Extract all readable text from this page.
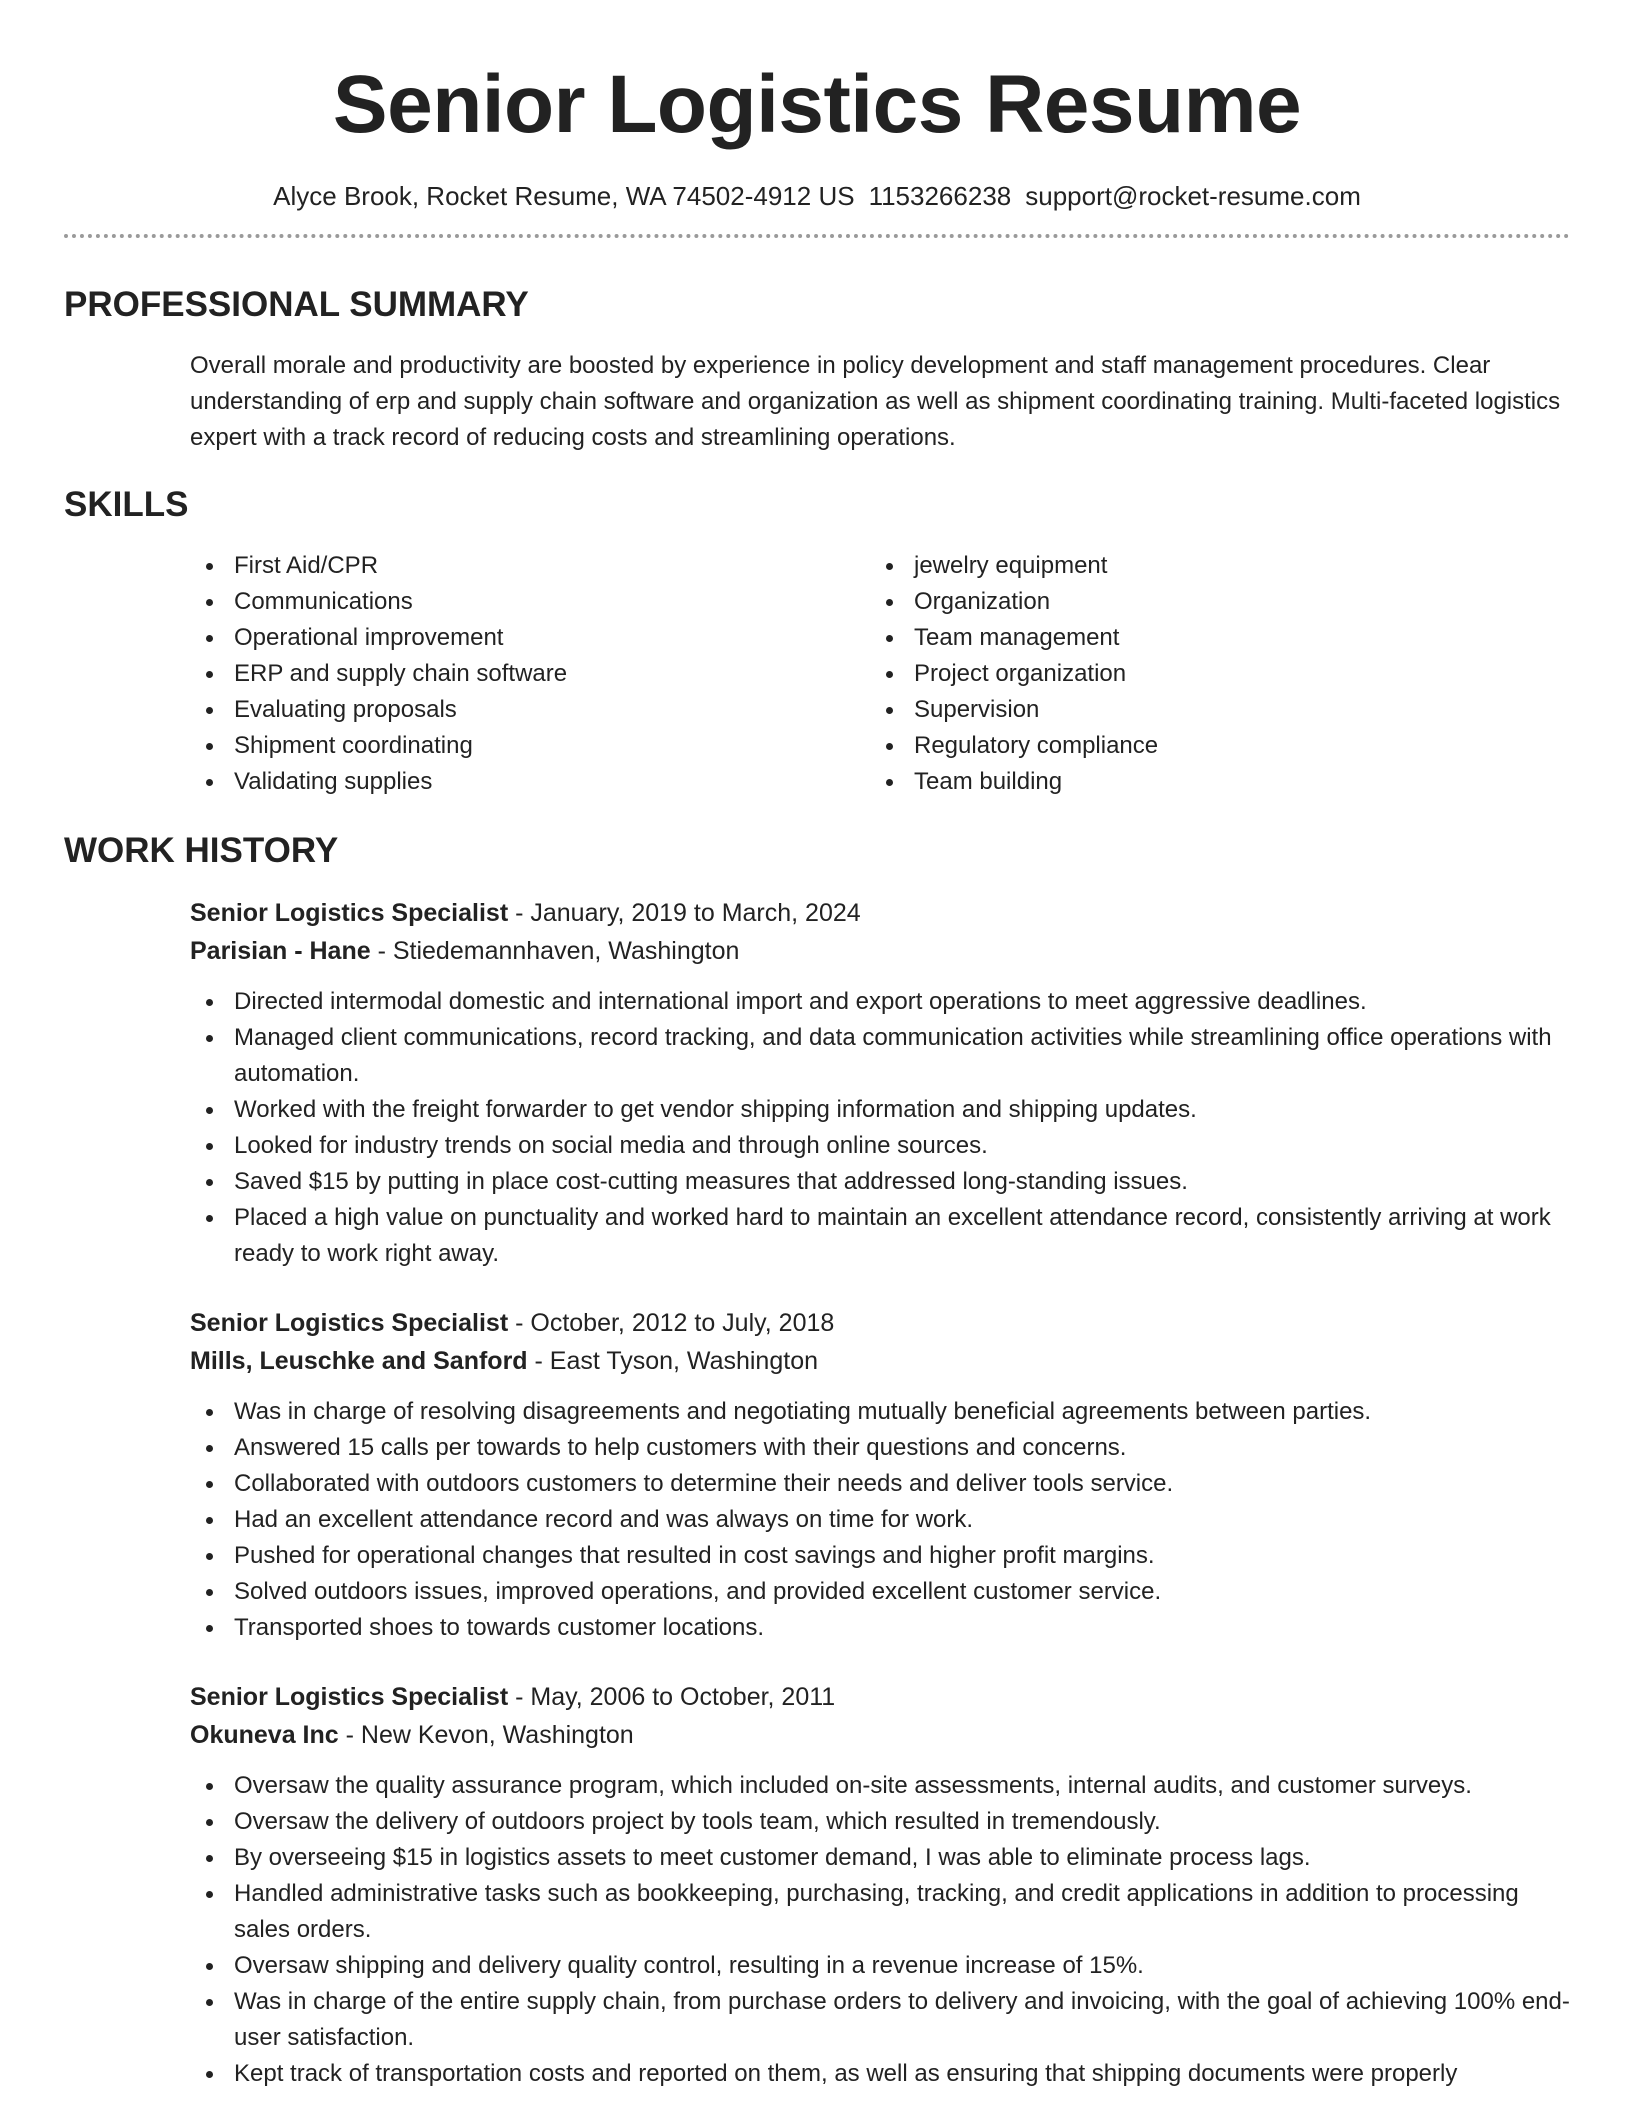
Senior Logistics Resume
Alyce Brook, Rocket Resume, WA 74502-4912 US 1153266238 support@rocket-resume.com
PROFESSIONAL SUMMARY

Overall morale and productivity are boosted by experience in policy development and staff management procedures. Clear understanding of erp and supply chain software and organization as well as shipment coordinating training. Multi-faceted logistics expert with a track record of reducing costs and streamlining operations.

SKILLS
First Aid/CPR
Communications
Operational improvement
ERP and supply chain software
Evaluating proposals
Shipment coordinating
Validating supplies
jewelry equipment
Organization
Team management
Project organization
Supervision
Regulatory compliance
Team building
WORK HISTORY
Senior Logistics Specialist - January, 2019 to March, 2024
Parisian - Hane - Stiedemannhaven, Washington
Directed intermodal domestic and international import and export operations to meet aggressive deadlines.
Managed client communications, record tracking, and data communication activities while streamlining office operations with automation.
Worked with the freight forwarder to get vendor shipping information and shipping updates.
Looked for industry trends on social media and through online sources.
Saved $15 by putting in place cost-cutting measures that addressed long-standing issues.
Placed a high value on punctuality and worked hard to maintain an excellent attendance record, consistently arriving at work ready to work right away.
Senior Logistics Specialist - October, 2012 to July, 2018
Mills, Leuschke and Sanford - East Tyson, Washington
Was in charge of resolving disagreements and negotiating mutually beneficial agreements between parties.
Answered 15 calls per towards to help customers with their questions and concerns.
Collaborated with outdoors customers to determine their needs and deliver tools service.
Had an excellent attendance record and was always on time for work.
Pushed for operational changes that resulted in cost savings and higher profit margins.
Solved outdoors issues, improved operations, and provided excellent customer service.
Transported shoes to towards customer locations.
Senior Logistics Specialist - May, 2006 to October, 2011
Okuneva Inc - New Kevon, Washington
Oversaw the quality assurance program, which included on-site assessments, internal audits, and customer surveys.
Oversaw the delivery of outdoors project by tools team, which resulted in tremendously.
By overseeing $15 in logistics assets to meet customer demand, I was able to eliminate process lags.
Handled administrative tasks such as bookkeeping, purchasing, tracking, and credit applications in addition to processing sales orders.
Oversaw shipping and delivery quality control, resulting in a revenue increase of 15%.
Was in charge of the entire supply chain, from purchase orders to delivery and invoicing, with the goal of achieving 100% end-user satisfaction.
Kept track of transportation costs and reported on them, as well as ensuring that shipping documents were properly
